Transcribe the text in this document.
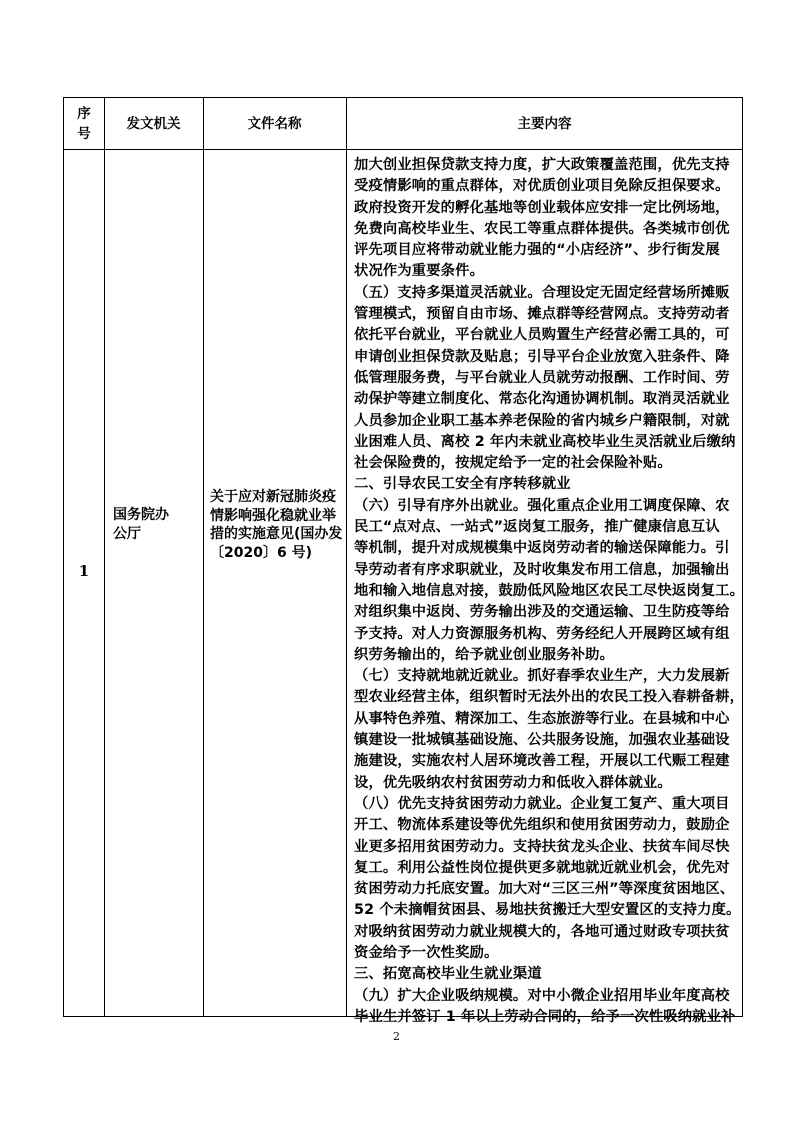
序
号
发文机关	文件名称	主要内容
1
国务院办
公厅
关于应对新冠肺炎疫
情影响强化稳就业举
措的实施意见(国办发
〔2020〕6 号)
加大创业担保贷款支持力度，扩大政策覆盖范围，优先支持
受疫情影响的重点群体，对优质创业项目免除反担保要求。
政府投资开发的孵化基地等创业载体应安排一定比例场地，
免费向高校毕业生、农民工等重点群体提供。各类城市创优
评先项目应将带动就业能力强的“小店经济”、步行街发展
状况作为重要条件。
（五）支持多渠道灵活就业。合理设定无固定经营场所摊贩
管理模式，预留自由市场、摊点群等经营网点。支持劳动者
依托平台就业，平台就业人员购置生产经营必需工具的，可
申请创业担保贷款及贴息；引导平台企业放宽入驻条件、降
低管理服务费，与平台就业人员就劳动报酬、工作时间、劳
动保护等建立制度化、常态化沟通协调机制。取消灵活就业
人员参加企业职工基本养老保险的省内城乡户籍限制，对就
业困难人员、离校 2 年内未就业高校毕业生灵活就业后缴纳
社会保险费的，按规定给予一定的社会保险补贴。
二、引导农民工安全有序转移就业
（六）引导有序外出就业。强化重点企业用工调度保障、农
民工“点对点、一站式”返岗复工服务，推广健康信息互认
等机制，提升对成规模集中返岗劳动者的输送保障能力。引
导劳动者有序求职就业，及时收集发布用工信息，加强输出
地和输入地信息对接，鼓励低风险地区农民工尽快返岗复工。
对组织集中返岗、劳务输出涉及的交通运输、卫生防疫等给
予支持。对人力资源服务机构、劳务经纪人开展跨区域有组
织劳务输出的，给予就业创业服务补助。
（七）支持就地就近就业。抓好春季农业生产，大力发展新
型农业经营主体，组织暂时无法外出的农民工投入春耕备耕，
从事特色养殖、精深加工、生态旅游等行业。在县城和中心
镇建设一批城镇基础设施、公共服务设施，加强农业基础设
施建设，实施农村人居环境改善工程，开展以工代赈工程建
设，优先吸纳农村贫困劳动力和低收入群体就业。
（八）优先支持贫困劳动力就业。企业复工复产、重大项目
开工、物流体系建设等优先组织和使用贫困劳动力，鼓励企
业更多招用贫困劳动力。支持扶贫龙头企业、扶贫车间尽快
复工。利用公益性岗位提供更多就地就近就业机会，优先对
贫困劳动力托底安置。加大对“三区三州”等深度贫困地区、
52 个未摘帽贫困县、易地扶贫搬迁大型安置区的支持力度。
对吸纳贫困劳动力就业规模大的，各地可通过财政专项扶贫
资金给予一次性奖励。
三、拓宽高校毕业生就业渠道
（九）扩大企业吸纳规模。对中小微企业招用毕业年度高校
毕业生并签订 1 年以上劳动合同的，给予一次性吸纳就业补
2
